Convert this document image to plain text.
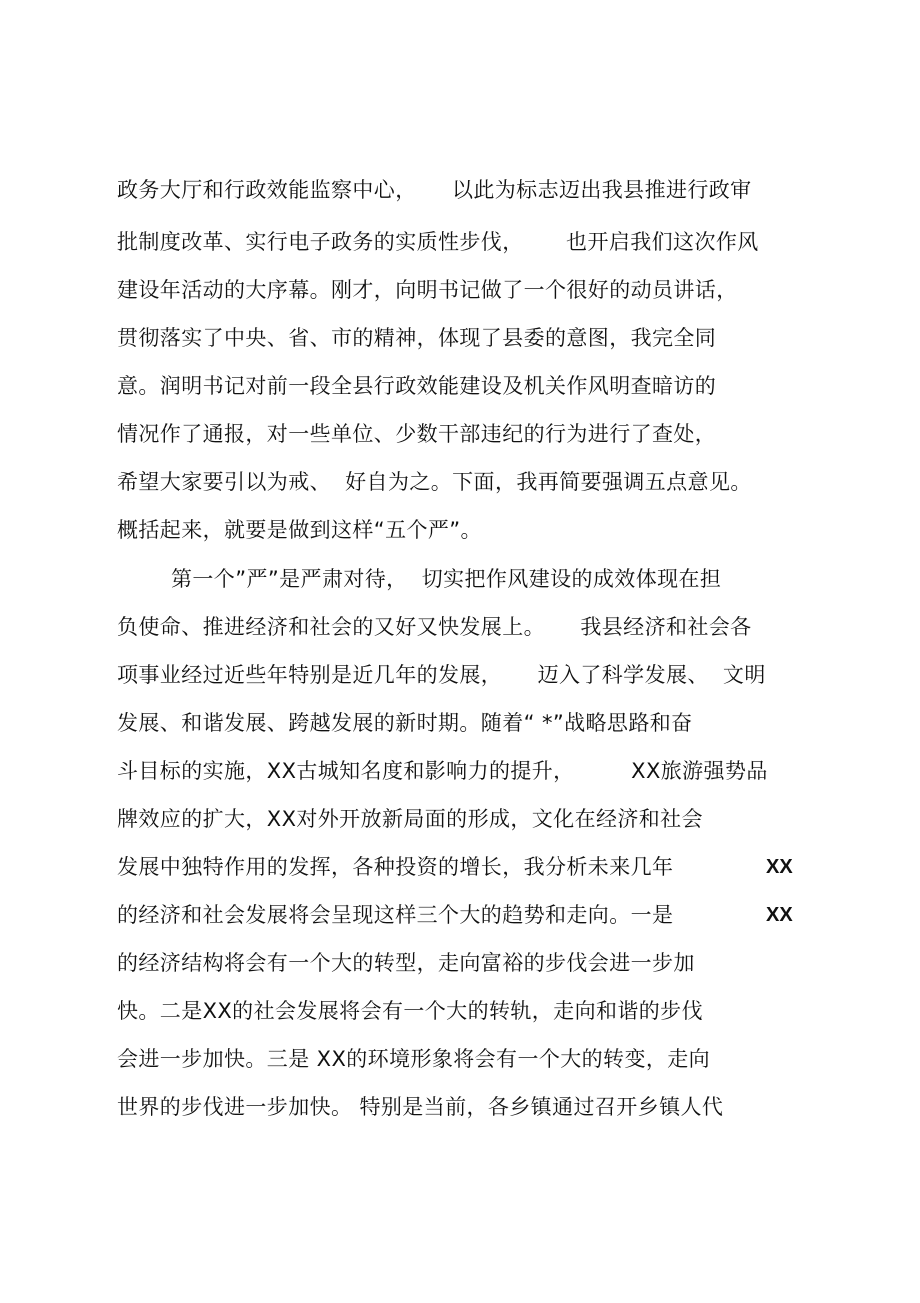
政务大厅和行政效能监察中心，     以此为标志迈出我县推进行政审
批制度改革、实行电子政务的实质性步伐，      也开启我们这次作风
建设年活动的大序幕。刚才，向明书记做了一个很好的动员讲话，
贯彻落实了中央、省、市的精神，体现了县委的意图，我完全同
意。润明书记对前一段全县行政效能建设及机关作风明查暗访的
情况作了通报，对一些单位、少数干部违纪的行为进行了查处，
希望大家要引以为戒、  好自为之。下面，我再简要强调五点意见。
概括起来，就要是做到这样“五个严”。
第一个”严”是严肃对待，  切实把作风建设的成效体现在担
负使命、推进经济和社会的又好又快发展上。     我县经济和社会各
项事业经过近些年特别是近几年的发展，     迈入了科学发展、  文明
发展、和谐发展、跨越发展的新时期。随着“ *”战略思路和奋
斗目标的实施，XX古城知名度和影响力的提升，        XX旅游强势品
牌效应的扩大，XX对外开放新局面的形成，文化在经济和社会
发展中独特作用的发挥，各种投资的增长，我分析未来几年	XX
的经济和社会发展将会呈现这样三个大的趋势和走向。一是	XX
的经济结构将会有一个大的转型，走向富裕的步伐会进一步加
快。二是XX的社会发展将会有一个大的转轨，走向和谐的步伐
会进一步加快。三是 XX的环境形象将会有一个大的转变，走向
世界的步伐进一步加快。 特别是当前，各乡镇通过召开乡镇人代
